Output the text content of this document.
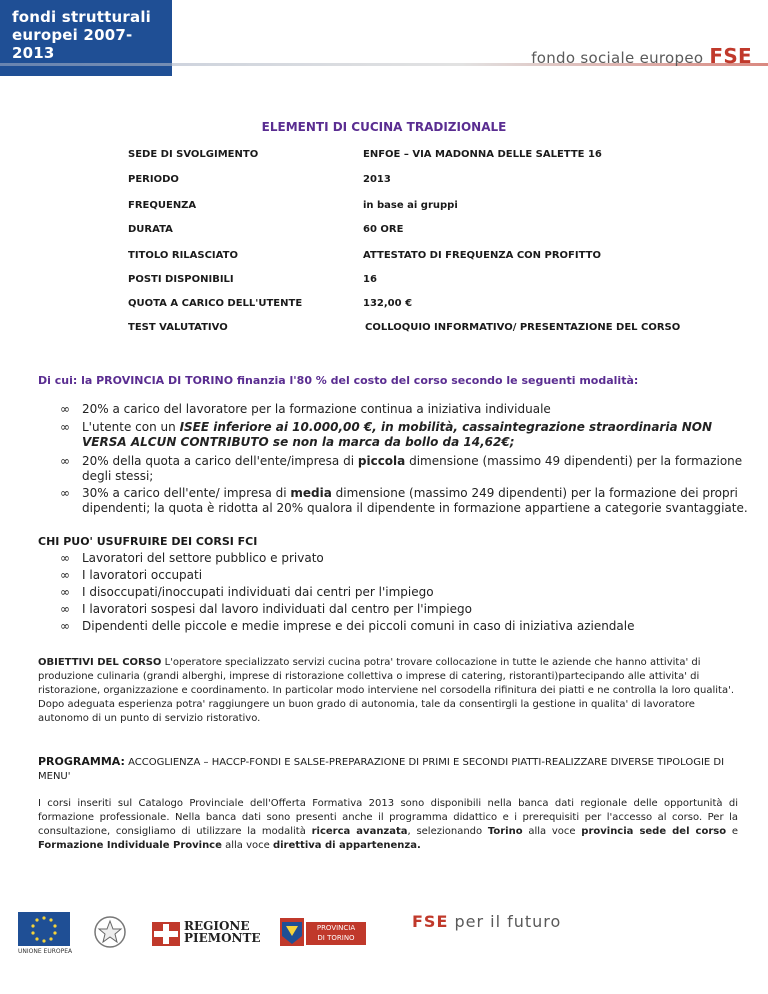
fondi strutturali
europei 2007-2013	fondo sociale europeo FSE
ELEMENTI DI CUCINA TRADIZIONALE
SEDE DI SVOLGIMENTO	ENFOE – VIA MADONNA DELLE SALETTE 16
PERIODO	2013
FREQUENZA	in base ai gruppi
DURATA	60 ORE
TITOLO RILASCIATO	ATTESTATO DI FREQUENZA CON PROFITTO
POSTI DISPONIBILI	16
QUOTA A CARICO DELL'UTENTE	132,00 €
TEST VALUTATIVO	COLLOQUIO INFORMATIVO/ PRESENTAZIONE DEL CORSO
Di cui: la PROVINCIA DI TORINO finanzia l'80 % del costo del corso secondo le seguenti modalità:
∞ 20% a carico del lavoratore per la formazione continua a iniziativa individuale
∞ L'utente con un ISEE inferiore ai 10.000,00 €, in mobilità, cassaintegrazione straordinaria NON VERSA ALCUN CONTRIBUTO se non la marca da bollo da 14,62€;
∞ 20% della quota a carico dell'ente/impresa di piccola dimensione (massimo 49 dipendenti) per la formazione degli stessi;
∞ 30% a carico dell'ente/ impresa di media dimensione (massimo 249 dipendenti) per la formazione dei propri dipendenti; la quota è ridotta al 20% qualora il dipendente in formazione appartiene a categorie svantaggiate.
CHI PUO' USUFRUIRE DEI CORSI FCI
∞ Lavoratori del settore pubblico e privato
∞ I lavoratori occupati
∞ I disoccupati/inoccupati individuati dai centri per l'impiego
∞ I lavoratori sospesi dal lavoro individuati dal centro per l'impiego
∞ Dipendenti delle piccole e medie imprese e dei piccoli comuni in caso di iniziativa aziendale
OBIETTIVI DEL CORSO L'operatore specializzato servizi cucina potra' trovare collocazione in tutte le aziende che hanno attivita' di produzione culinaria (grandi alberghi, imprese di ristorazione collettiva o imprese di catering, ristoranti)partecipando alle attivita' di ristorazione, organizzazione e coordinamento. In particolar modo interviene nel corsodella rifinitura dei piatti e ne controlla la loro qualita'.
Dopo adeguata esperienza potra' raggiungere un buon grado di autonomia, tale da consentirgli la gestione in qualita' di lavoratore autonomo di un punto di servizio ristorativo.
PROGRAMMA: ACCOGLIENZA – HACCP-FONDI E SALSE-PREPARAZIONE DI PRIMI E SECONDI PIATTI-REALIZZARE DIVERSE TIPOLOGIE DI MENU'
I corsi inseriti sul Catalogo Provinciale dell'Offerta Formativa 2013 sono disponibili nella banca dati regionale delle opportunità di formazione professionale. Nella banca dati sono presenti anche il programma didattico e i prerequisiti per l'accesso al corso. Per la consultazione, consigliamo di utilizzare la modalità ricerca avanzata, selezionando Torino alla voce provincia sede del corso e Formazione Individuale Province alla voce direttiva di appartenenza.
UNIONE EUROPEA
REGIONE
PIEMONTE
PROVINCIA
DI TORINO
FSE per il futuro
